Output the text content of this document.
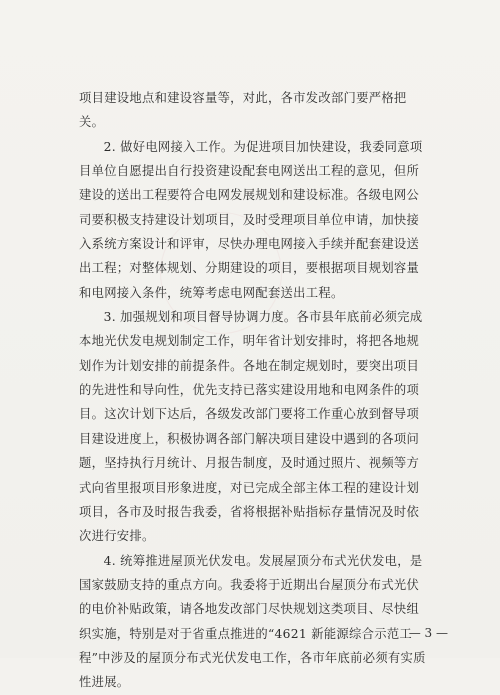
项目建设地点和建设容量等，对此，各市发改部门要严格把关。

2. 做好电网接入工作。为促进项目加快建设，我委同意项目单位自愿提出自行投资建设配套电网送出工程的意见，但所建设的送出工程要符合电网发展规划和建设标准。各级电网公司要积极支持建设计划项目，及时受理项目单位申请，加快接入系统方案设计和评审，尽快办理电网接入手续并配套建设送出工程；对整体规划、分期建设的项目，要根据项目规划容量和电网接入条件，统筹考虑电网配套送出工程。

3. 加强规划和项目督导协调力度。各市县年底前必须完成本地光伏发电规划制定工作，明年省计划安排时，将把各地规划作为计划安排的前提条件。各地在制定规划时，要突出项目的先进性和导向性，优先支持已落实建设用地和电网条件的项目。这次计划下达后，各级发改部门要将工作重心放到督导项目建设进度上，积极协调各部门解决项目建设中遇到的各项问题，坚持执行月统计、月报告制度，及时通过照片、视频等方式向省里报项目形象进度，对已完成全部主体工程的建设计划项目，各市及时报告我委，省将根据补贴指标存量情况及时依次进行安排。

4. 统筹推进屋顶光伏发电。发展屋顶分布式光伏发电，是国家鼓励支持的重点方向。我委将于近期出台屋顶分布式光伏的电价补贴政策，请各地发改部门尽快规划这类项目、尽快组织实施，特别是对于省重点推进的“4621 新能源综合示范工程”中涉及的屋顶分布式光伏发电工作，各市年底前必须有实质性进展。

— 3 —
